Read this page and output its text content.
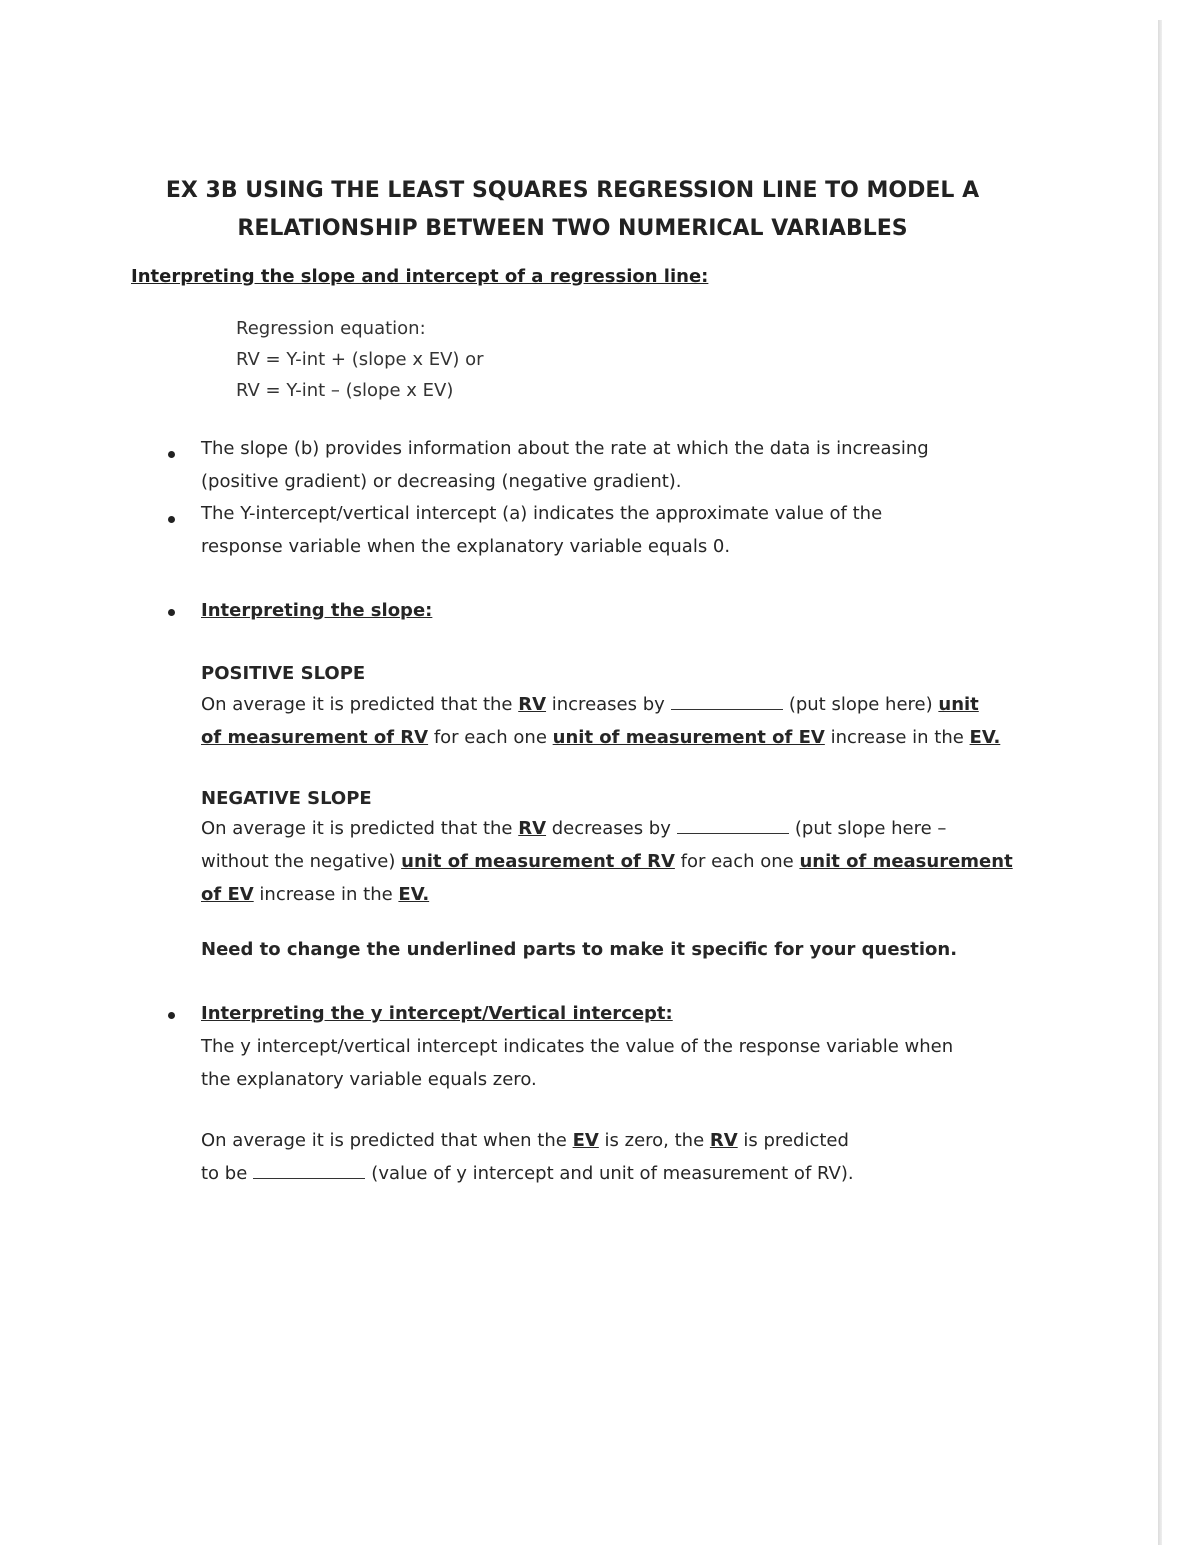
EX 3B USING THE LEAST SQUARES REGRESSION LINE TO MODEL A
RELATIONSHIP BETWEEN TWO NUMERICAL VARIABLES
Interpreting the slope and intercept of a regression line:
Regression equation:
RV = Y-int + (slope x EV) or
RV = Y-int – (slope x EV)
The slope (b) provides information about the rate at which the data is increasing
(positive gradient) or decreasing (negative gradient).
The Y-intercept/vertical intercept (a) indicates the approximate value of the
response variable when the explanatory variable equals 0.
Interpreting the slope:
POSITIVE SLOPE
On average it is predicted that the RV increases by	(put slope here) unit
of measurement of RV for each one unit of measurement of EV increase in the EV.
NEGATIVE SLOPE
On average it is predicted that the RV decreases by	(put slope here –
without the negative) unit of measurement of RV for each one unit of measurement
of EV increase in the EV.
Need to change the underlined parts to make it specific for your question.
Interpreting the y intercept/Vertical intercept:
The y intercept/vertical intercept indicates the value of the response variable when
the explanatory variable equals zero.
On average it is predicted that when the EV is zero, the RV is predicted
to be	(value of y intercept and unit of measurement of RV).
